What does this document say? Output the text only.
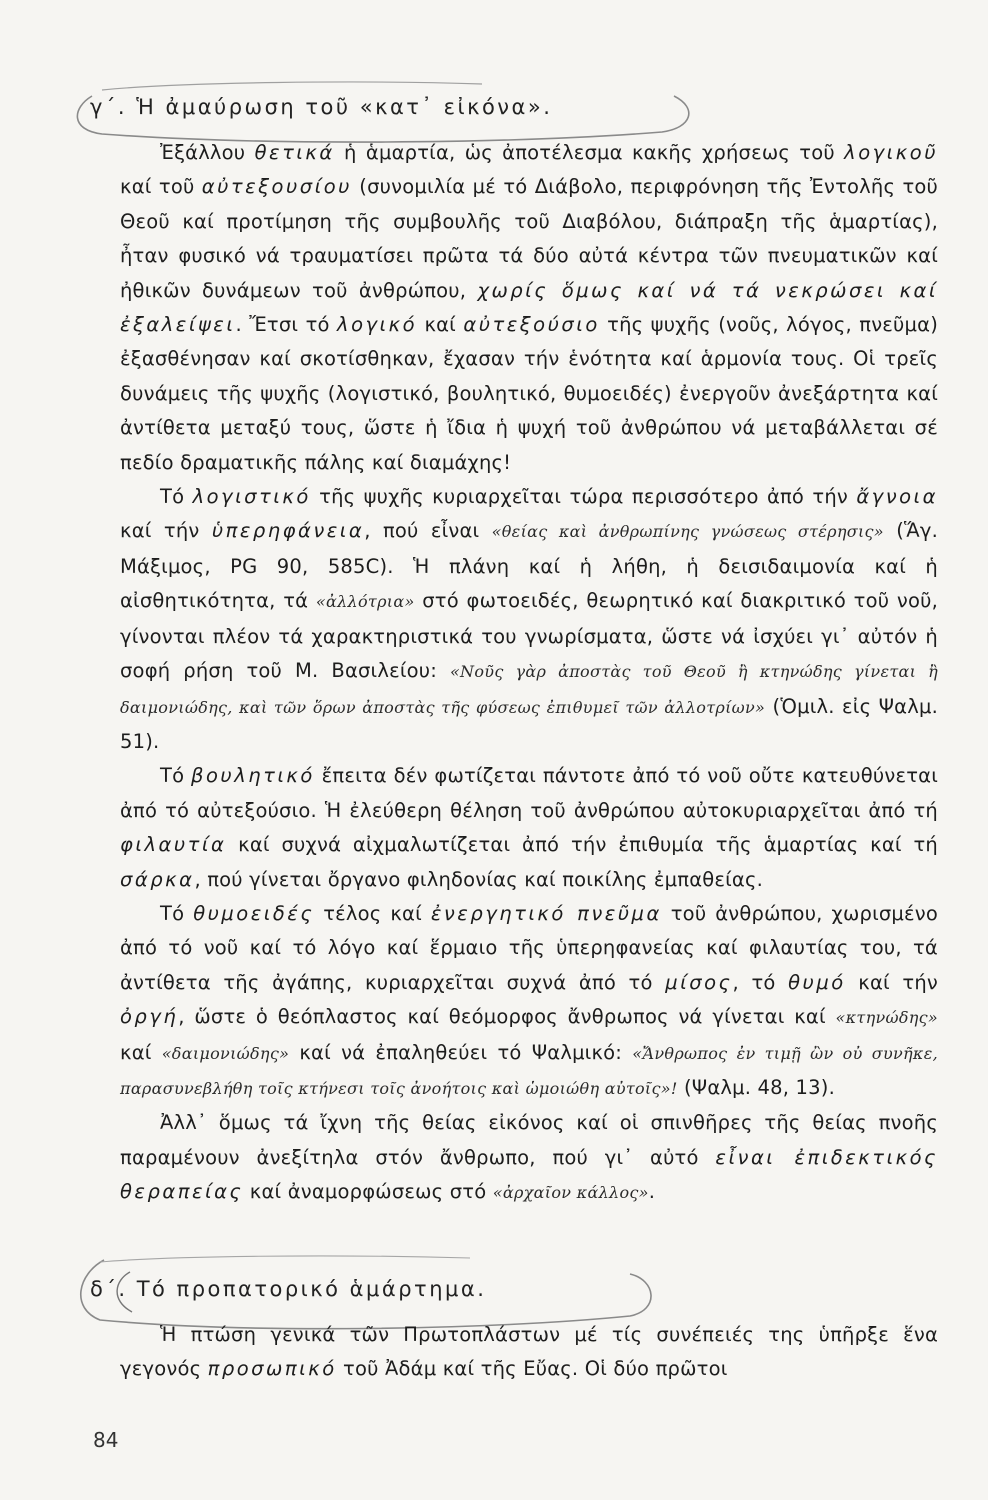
γ΄. Ἡ ἀμαύρωση τοῦ «κατ᾽ εἰκόνα».

Ἐξάλλου θετικά ἡ ἁμαρτία, ὡς ἀποτέλεσμα κακῆς χρήσεως τοῦ λογικοῦ καί τοῦ αὐτεξουσίου (συνομιλία μέ τό Διάβολο, περιφρόνηση τῆς Ἐντολῆς τοῦ Θεοῦ καί προτίμηση τῆς συμβουλῆς τοῦ Διαβόλου, διάπραξη τῆς ἁμαρτίας), ἦταν φυσικό νά τραυματίσει πρῶτα τά δύο αὐτά κέντρα τῶν πνευματικῶν καί ἠθικῶν δυνάμεων τοῦ ἀνθρώπου, χωρίς ὅμως καί νά τά νεκρώσει καί ἐξαλείψει. Ἔτσι τό λογικό καί αὐτεξούσιο τῆς ψυχῆς (νοῦς, λόγος, πνεῦμα) ἐξασθένησαν καί σκοτίσθηκαν, ἔχασαν τήν ἑνότητα καί ἁρμονία τους. Οἱ τρεῖς δυνάμεις τῆς ψυχῆς (λογιστικό, βουλητικό, θυμοειδές) ἐνεργοῦν ἀνεξάρτητα καί ἀντίθετα μεταξύ τους, ὥστε ἡ ἴδια ἡ ψυχή τοῦ ἀνθρώπου νά μεταβάλλεται σέ πεδίο δραματικῆς πάλης καί διαμάχης!

Τό λογιστικό τῆς ψυχῆς κυριαρχεῖται τώρα περισσότερο ἀπό τήν ἄγνοια καί τήν ὑπερηφάνεια, πού εἶναι «θείας καὶ ἀνθρωπίνης γνώσεως στέρησις» (Ἅγ. Μάξιμος, PG 90, 585C). Ἡ πλάνη καί ἡ λήθη, ἡ δεισιδαιμονία καί ἡ αἰσθητικότητα, τά «ἀλλότρια» στό φωτοειδές, θεωρητικό καί διακριτικό τοῦ νοῦ, γίνονται πλέον τά χαρακτηριστικά του γνωρίσματα, ὥστε νά ἰσχύει γι᾽ αὐτόν ἡ σοφή ρήση τοῦ Μ. Βασιλείου: «Νοῦς γὰρ ἀποστὰς τοῦ Θεοῦ ἢ κτηνώδης γίνεται ἢ δαιμονιώδης, καὶ τῶν ὅρων ἀποστὰς τῆς φύσεως ἐπιθυμεῖ τῶν ἀλλοτρίων» (Ὁμιλ. εἰς Ψαλμ. 51).

Τό βουλητικό ἔπειτα δέν φωτίζεται πάντοτε ἀπό τό νοῦ οὔτε κατευθύνεται ἀπό τό αὐτεξούσιο. Ἡ ἐλεύθερη θέληση τοῦ ἀνθρώπου αὐτοκυριαρχεῖται ἀπό τή φιλαυτία καί συχνά αἰχμαλωτίζεται ἀπό τήν ἐπιθυμία τῆς ἁμαρτίας καί τή σάρκα, πού γίνεται ὄργανο φιληδονίας καί ποικίλης ἐμπαθείας.

Τό θυμοειδές τέλος καί ἐνεργητικό πνεῦμα τοῦ ἀνθρώπου, χωρισμένο ἀπό τό νοῦ καί τό λόγο καί ἕρμαιο τῆς ὑπερηφανείας καί φιλαυτίας του, τά ἀντίθετα τῆς ἀγάπης, κυριαρχεῖται συχνά ἀπό τό μίσος, τό θυμό καί τήν ὀργή, ὥστε ὁ θεόπλαστος καί θεόμορφος ἄνθρωπος νά γίνεται καί «κτηνώδης» καί «δαιμονιώδης» καί νά ἐπαληθεύει τό Ψαλμικό: «Ἄνθρωπος ἐν τιμῇ ὢν οὐ συνῆκε, παρασυνεβλήθη τοῖς κτήνεσι τοῖς ἀνοήτοις καὶ ὡμοιώθη αὐτοῖς»! (Ψαλμ. 48, 13).

Ἀλλ᾽ ὅμως τά ἴχνη τῆς θείας εἰκόνος καί οἱ σπινθῆρες τῆς θείας πνοῆς παραμένουν ἀνεξίτηλα στόν ἄνθρωπο, πού γι᾽ αὐτό εἶναι ἐπιδεκτικός θεραπείας καί ἀναμορφώσεως στό «ἀρχαῖον κάλλος».

δ΄. Τό προπατορικό ἁμάρτημα.

Ἡ πτώση γενικά τῶν Πρωτοπλάστων μέ τίς συνέπειές της ὑπῆρξε ἕνα γεγονός προσωπικό τοῦ Ἀδάμ καί τῆς Εὔας. Οἱ δύο πρῶτοι

84
